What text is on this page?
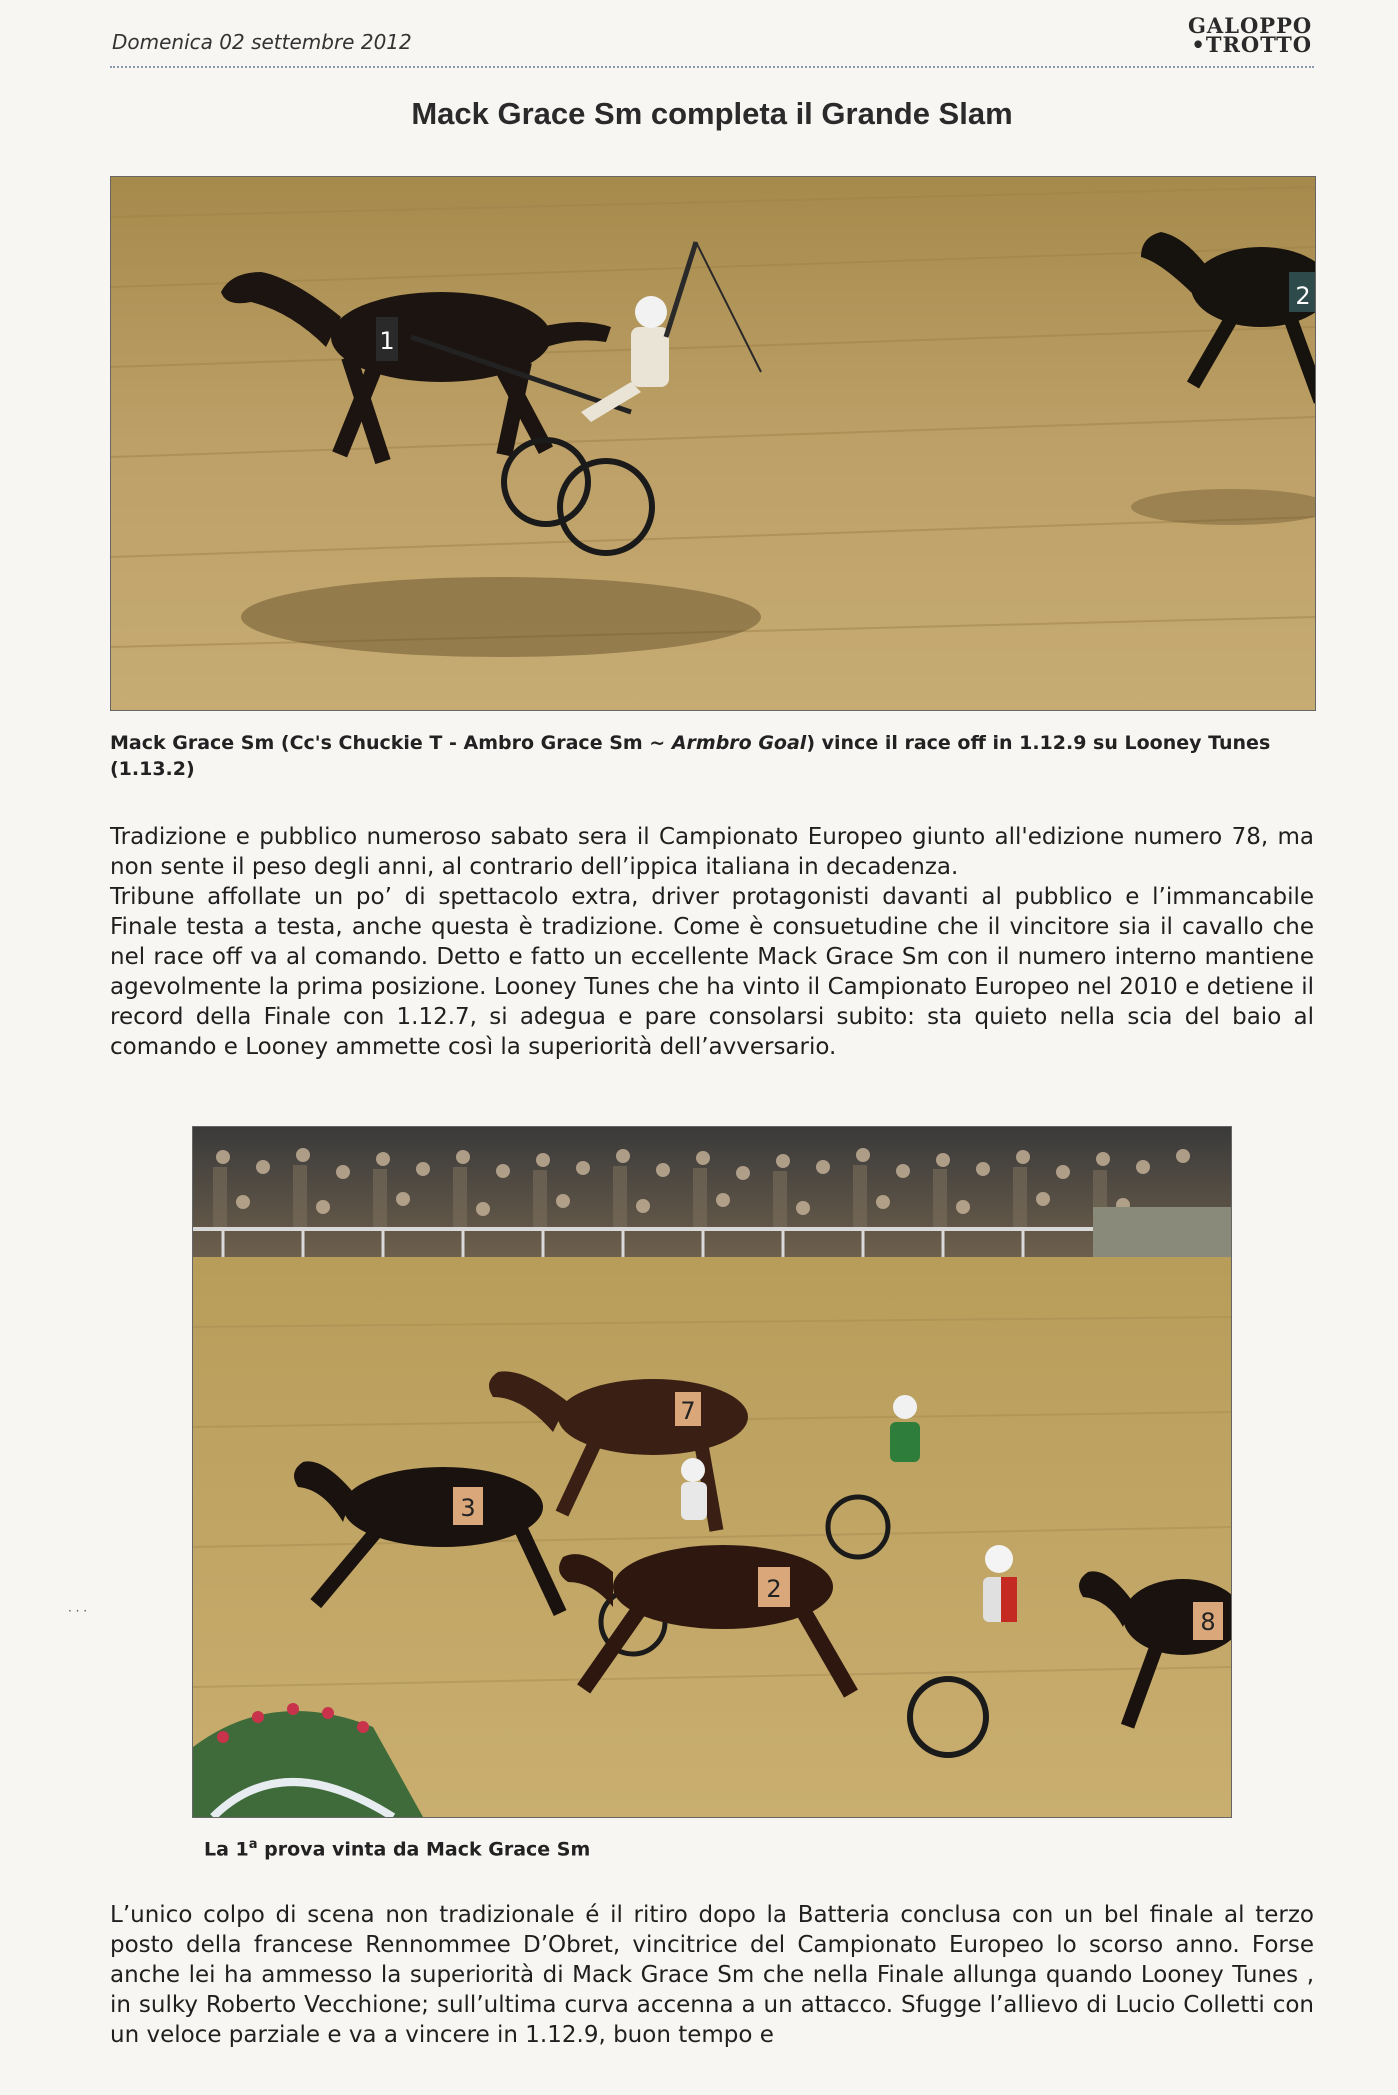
Domenica 02 settembre 2012
GALOPPO
•TROTTO
Mack Grace Sm completa il Grande Slam
1
2
Mack Grace Sm (Cc's Chuckie T - Ambro Grace Sm ~ Armbro Goal) vince il race off in 1.12.9 su Looney Tunes (1.13.2)

Tradizione e pubblico numeroso sabato sera il Campionato Europeo giunto all'edizione numero 78, ma non sente il peso degli anni, al contrario dell’ippica italiana in decadenza.

Tribune affollate un po’ di spettacolo extra, driver protagonisti davanti al pubblico e l’immancabile Finale testa a testa, anche questa è tradizione. Come è consuetudine che il vincitore sia il cavallo che nel race off va al comando. Detto e fatto un eccellente Mack Grace Sm con il numero interno mantiene agevolmente la prima posizione. Looney Tunes che ha vinto il Campionato Europeo nel 2010 e detiene il record della Finale con 1.12.7, si adegua e pare consolarsi subito: sta quieto nella scia del baio al comando e Looney ammette così la superiorità dell’avversario.

7
3
2
8
La 1$^a$ prova vinta da Mack Grace Sm

L’unico colpo di scena non tradizionale é il ritiro dopo la Batteria conclusa con un bel finale al terzo posto della francese Rennommee D’Obret, vincitrice del Campionato Europeo lo scorso anno. Forse anche lei ha ammesso la superiorità di Mack Grace Sm che nella Finale allunga quando Looney Tunes , in sulky Roberto Vecchione; sull’ultima curva accenna a un attacco. Sfugge l’allievo di Lucio Colletti con un veloce parziale e va a vincere in 1.12.9, buon tempo e

· · ·
